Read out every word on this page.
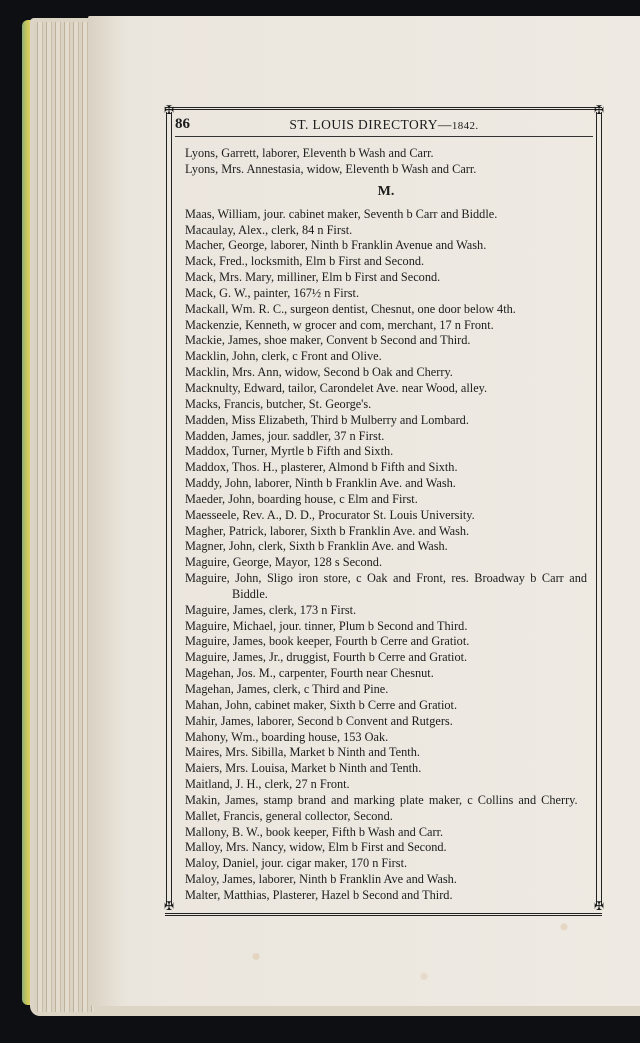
✠	✠
✠	✠
86	ST. LOUIS DIRECTORY—1842.
Lyons, Garrett, laborer, Eleventh b Wash and Carr.
Lyons, Mrs. Annestasia, widow, Eleventh b Wash and Carr.
M.
Maas, William, jour. cabinet maker, Seventh b Carr and Biddle.
Macaulay, Alex., clerk, 84 n First.
Macher, George, laborer, Ninth b Franklin Avenue and Wash.
Mack, Fred., locksmith, Elm b First and Second.
Mack, Mrs. Mary, milliner, Elm b First and Second.
Mack, G. W., painter, 167½ n First.
Mackall, Wm. R. C., surgeon dentist, Chesnut, one door below 4th.
Mackenzie, Kenneth, w grocer and com, merchant, 17 n Front.
Mackie, James, shoe maker, Convent b Second and Third.
Macklin, John, clerk, c Front and Olive.
Macklin, Mrs. Ann, widow, Second b Oak and Cherry.
Macknulty, Edward, tailor, Carondelet Ave. near Wood, alley.
Macks, Francis, butcher, St. George's.
Madden, Miss Elizabeth, Third b Mulberry and Lombard.
Madden, James, jour. saddler, 37 n First.
Maddox, Turner, Myrtle b Fifth and Sixth.
Maddox, Thos. H., plasterer, Almond b Fifth and Sixth.
Maddy, John, laborer, Ninth b Franklin Ave. and Wash.
Maeder, John, boarding house, c Elm and First.
Maesseele, Rev. A., D. D., Procurator St. Louis University.
Magher, Patrick, laborer, Sixth b Franklin Ave. and Wash.
Magner, John, clerk, Sixth b Franklin Ave. and Wash.
Maguire, George, Mayor, 128 s Second.
Maguire, John, Sligo iron store, c Oak and Front, res. Broadway b Carr and Biddle.
Maguire, James, clerk, 173 n First.
Maguire, Michael, jour. tinner, Plum b Second and Third.
Maguire, James, book keeper, Fourth b Cerre and Gratiot.
Maguire, James, Jr., druggist, Fourth b Cerre and Gratiot.
Magehan, Jos. M., carpenter, Fourth near Chesnut.
Magehan, James, clerk, c Third and Pine.
Mahan, John, cabinet maker, Sixth b Cerre and Gratiot.
Mahir, James, laborer, Second b Convent and Rutgers.
Mahony, Wm., boarding house, 153 Oak.
Maires, Mrs. Sibilla, Market b Ninth and Tenth.
Maiers, Mrs. Louisa, Market b Ninth and Tenth.
Maitland, J. H., clerk, 27 n Front.
Makin, James, stamp brand and marking plate maker, c Collins and Cherry.
Mallet, Francis, general collector, Second.
Mallony, B. W., book keeper, Fifth b Wash and Carr.
Malloy, Mrs. Nancy, widow, Elm b First and Second.
Maloy, Daniel, jour. cigar maker, 170 n First.
Maloy, James, laborer, Ninth b Franklin Ave and Wash.
Malter, Matthias, Plasterer, Hazel b Second and Third.
